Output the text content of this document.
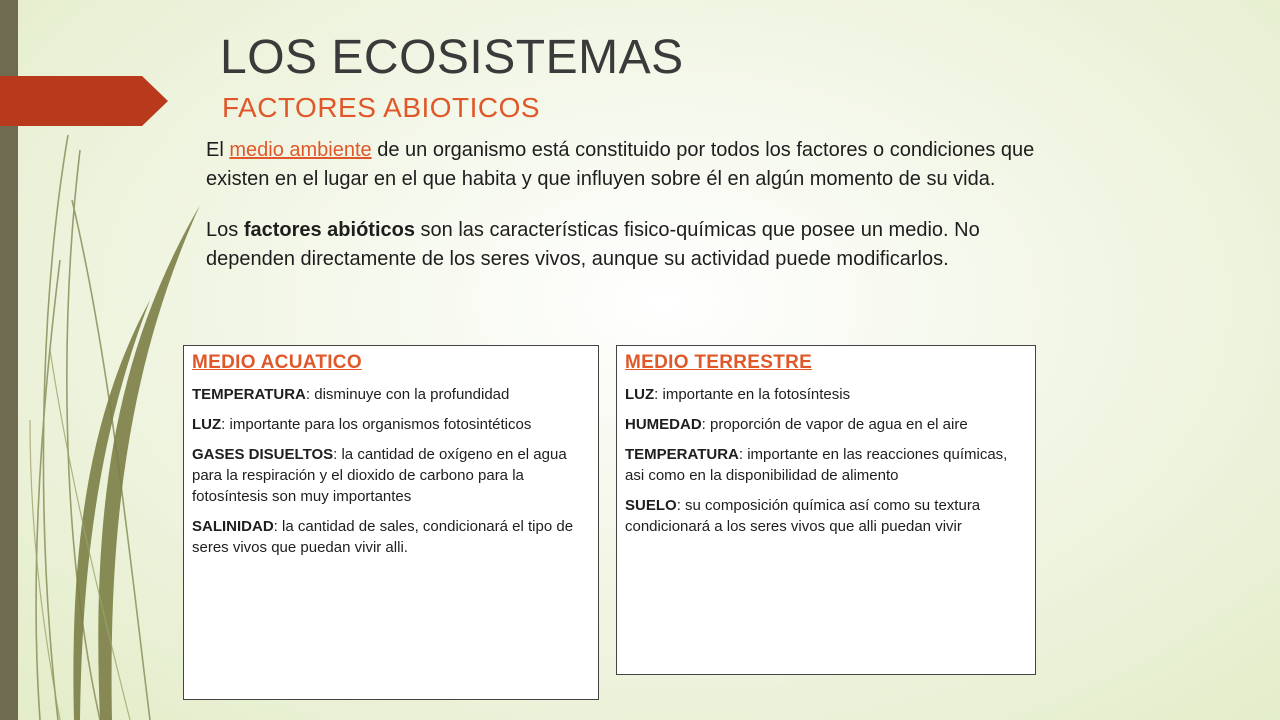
LOS ECOSISTEMAS
FACTORES ABIOTICOS

El medio ambiente de un organismo está constituido por todos los factores o condiciones que existen en el lugar en el que habita y que influyen sobre él en algún momento de su vida.

Los factores abióticos son las características fisico-químicas que posee un medio. No dependen directamente de los seres vivos, aunque su actividad puede modificarlos.

MEDIO ACUATICO

TEMPERATURA: disminuye con la profundidad

LUZ: importante para los organismos fotosintéticos

GASES DISUELTOS: la cantidad de oxígeno en el agua para la respiración y el dioxido de carbono para la fotosíntesis son muy importantes

SALINIDAD: la cantidad de sales, condicionará el tipo de seres vivos que puedan vivir alli.

MEDIO TERRESTRE

LUZ: importante en la fotosíntesis

HUMEDAD: proporción de vapor de agua en el aire

TEMPERATURA: importante en las reacciones químicas, asi como en la disponibilidad de alimento

SUELO: su composición química así como su textura condicionará a los seres vivos que alli puedan vivir
